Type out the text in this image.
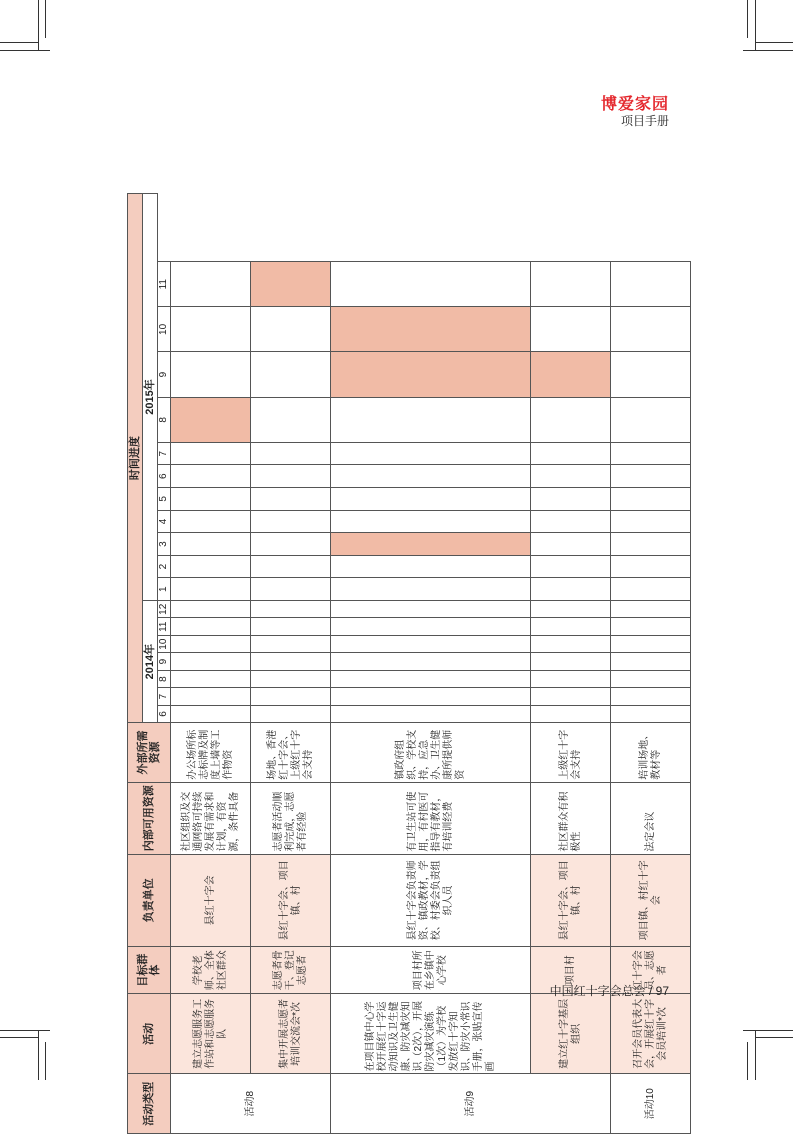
博爱家园
项目手册
活动类型	活动	目标群体	负责单位	内部可用资源	外部所需资源	时间进度																	
						2014年							2015年										
						6	7	8	9	10	11	12	1	2	3	4	5	6	7	8	9	10	11
活动8	建立志愿服务工作站和志愿服务队	学校老师、全体社区群众	县红十字会	社区组织及交通网络可持续发展有需求和计划，有资源，条件具备	办公场所标志标牌及制度上墙等工作物资																		
	集中开展志愿者培训交流会*次	志愿者骨干、登记志愿者	县红十字会、项目镇、村	志愿者活动顺利完成，志愿者有经验	场地、香港红十字会、上级红十字会支持																		
活动9	在项目镇中心学校开展红十字运动知识及卫生健康、防灾减灾知识（2次），开展防灾减灾演练（1次）为学校发放红十字知识、防灾小常识手册，张贴宣传画	项目村所在乡镇中心学校	县红十字会负责师资、镇政教材，学校、村委会负责组织人员	有卫生站可使用，有村医可指导有教材，有培训经费	镇政府组织、学校支持，应急办、卫生健康所提供师资																		
	建立红十字基层组织	项目村	县红十字会、项目镇、村	社区群众有积极性	上级红十字会支持																		
活动10	召开会员代表大会，开展红十字会员培训*次	红十字会员、志愿者	项目镇、村红十字会	法定会议	培训场地、教材等																		
中国红十字会总会 / 97
